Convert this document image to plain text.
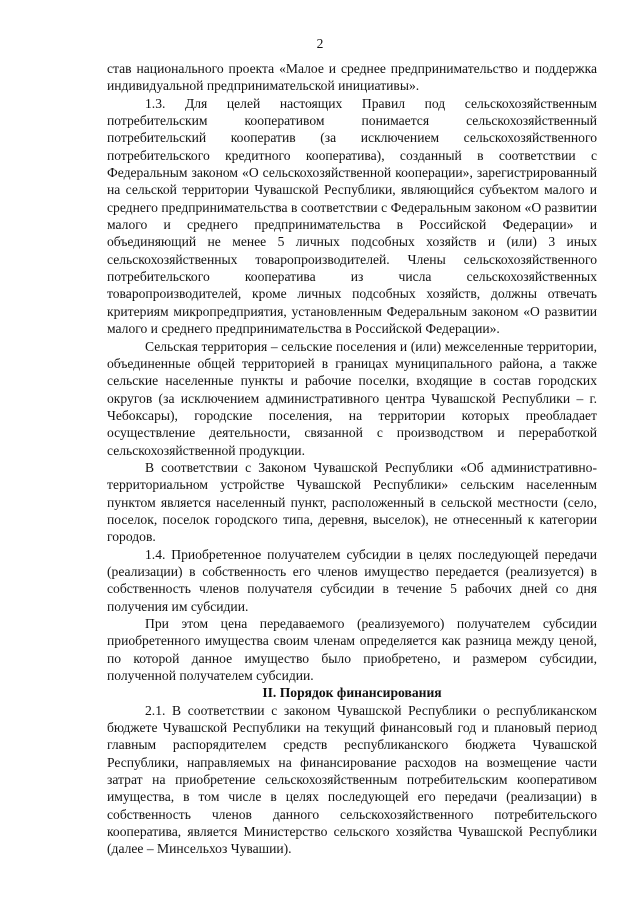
2

став национального проекта «Малое и среднее предпринимательство и поддержка индивидуальной предпринимательской инициативы».

1.3. Для целей настоящих Правил под сельскохозяйственным потребительским кооперативом понимается сельскохозяйственный потребительский кооператив (за исключением сельскохозяйственного потребительского кредитного кооператива), созданный в соответствии с Федеральным законом «О сельскохозяйственной кооперации», зарегистрированный на сельской территории Чувашской Республики, являющийся субъектом малого и среднего предпринимательства в соответствии с Федеральным законом «О развитии малого и среднего предпринимательства в Российской Федерации» и объединяющий не менее 5 личных подсобных хозяйств и (или) 3 иных сельскохозяйственных товаропроизводителей. Члены сельскохозяйственного потребительского кооператива из числа сельскохозяйственных товаропроизводителей, кроме личных подсобных хозяйств, должны отвечать критериям микропредприятия, установленным Федеральным законом «О развитии малого и среднего предпринимательства в Российской Федерации».

Сельская территория – сельские поселения и (или) межселенные территории, объединенные общей территорией в границах муниципального района, а также сельские населенные пункты и рабочие поселки, входящие в состав городских округов (за исключением административного центра Чувашской Республики – г. Чебоксары), городские поселения, на территории которых преобладает осуществление деятельности, связанной с производством и переработкой сельскохозяйственной продукции.

В соответствии с Законом Чувашской Республики «Об административно-территориальном устройстве Чувашской Республики» сельским населенным пунктом является населенный пункт, расположенный в сельской местности (село, поселок, поселок городского типа, деревня, выселок), не отнесенный к категории городов.

1.4. Приобретенное получателем субсидии в целях последующей передачи (реализации) в собственность его членов имущество передается (реализуется) в собственность членов получателя субсидии в течение 5 рабочих дней со дня получения им субсидии.

При этом цена передаваемого (реализуемого) получателем субсидии приобретенного имущества своим членам определяется как разница между ценой, по которой данное имущество было приобретено, и размером субсидии, полученной получателем субсидии.

II. Порядок финансирования

2.1. В соответствии с законом Чувашской Республики о республиканском бюджете Чувашской Республики на текущий финансовый год и плановый период главным распорядителем средств республиканского бюджета Чувашской Республики, направляемых на финансирование расходов на возмещение части затрат на приобретение сельскохозяйственным потребительским кооперативом имущества, в том числе в целях последующей его передачи (реализации) в собственность членов данного сельскохозяйственного потребительского кооператива, является Министерство сельского хозяйства Чувашской Республики (далее – Минсельхоз Чувашии).
